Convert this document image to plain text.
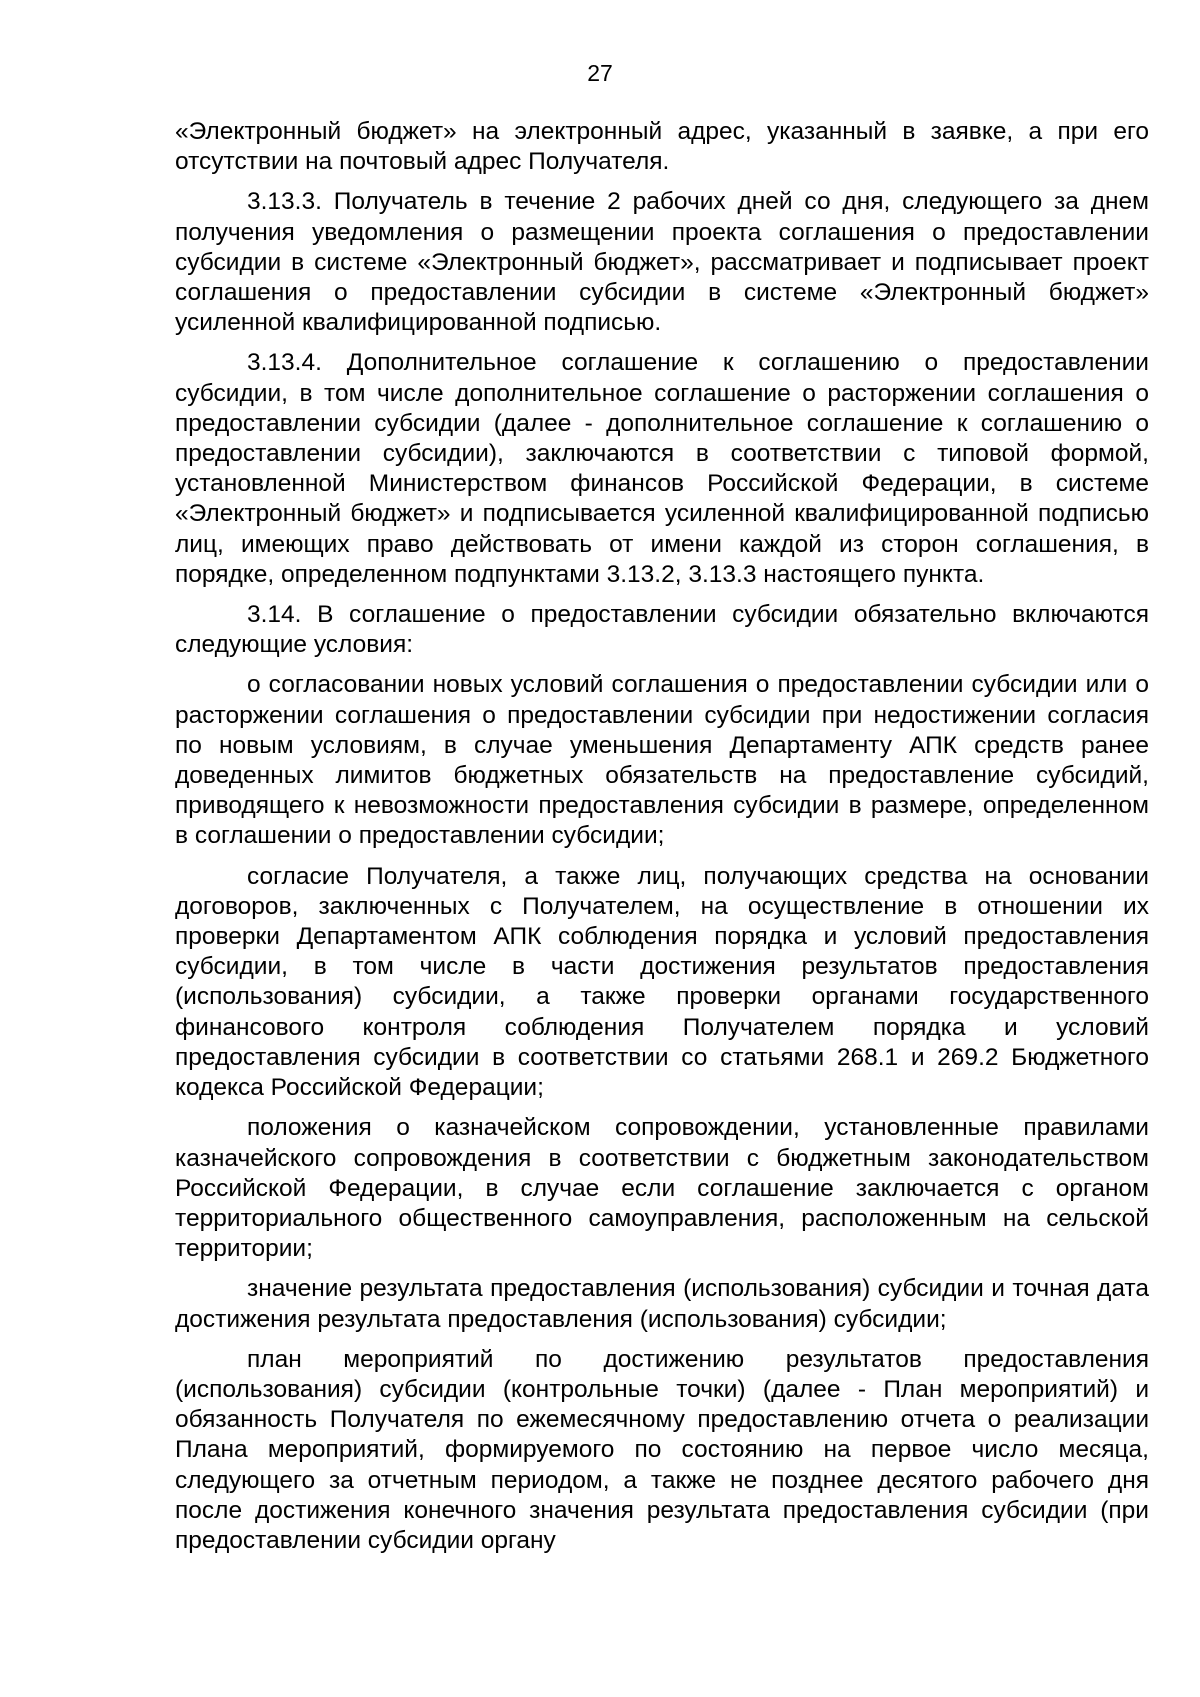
27

«Электронный бюджет» на электронный адрес, указанный в заявке, а при его отсутствии на почтовый адрес Получателя.

3.13.3. Получатель в течение 2 рабочих дней со дня, следующего за днем получения уведомления о размещении проекта соглашения о предоставлении субсидии в системе «Электронный бюджет», рассматривает и подписывает проект соглашения о предоставлении субсидии в системе «Электронный бюджет» усиленной квалифицированной подписью.

3.13.4. Дополнительное соглашение к соглашению о предоставлении субсидии, в том числе дополнительное соглашение о расторжении соглашения о предоставлении субсидии (далее - дополнительное соглашение к соглашению о предоставлении субсидии), заключаются в соответствии с типовой формой, установленной Министерством финансов Российской Федерации, в системе «Электронный бюджет» и подписывается усиленной квалифицированной подписью лиц, имеющих право действовать от имени каждой из сторон соглашения, в порядке, определенном подпунктами 3.13.2, 3.13.3 настоящего пункта.

3.14. В соглашение о предоставлении субсидии обязательно включаются следующие условия:

о согласовании новых условий соглашения о предоставлении субсидии или о расторжении соглашения о предоставлении субсидии при недостижении согласия по новым условиям, в случае уменьшения Департаменту АПК средств ранее доведенных лимитов бюджетных обязательств на предоставление субсидий, приводящего к невозможности предоставления субсидии в размере, определенном в соглашении о предоставлении субсидии;

согласие Получателя, а также лиц, получающих средства на основании договоров, заключенных с Получателем, на осуществление в отношении их проверки Департаментом АПК соблюдения порядка и условий предоставления субсидии, в том числе в части достижения результатов предоставления (использования) субсидии, а также проверки органами государственного финансового контроля соблюдения Получателем порядка и условий предоставления субсидии в соответствии со статьями 268.1 и 269.2 Бюджетного кодекса Российской Федерации;

положения о казначейском сопровождении, установленные правилами казначейского сопровождения в соответствии с бюджетным законодательством Российской Федерации, в случае если соглашение заключается с органом территориального общественного самоуправления, расположенным на сельской территории;

значение результата предоставления (использования) субсидии и точная дата достижения результата предоставления (использования) субсидии;

план мероприятий по достижению результатов предоставления (использования) субсидии (контрольные точки) (далее - План мероприятий) и обязанность Получателя по ежемесячному предоставлению отчета о реализации Плана мероприятий, формируемого по состоянию на первое число месяца, следующего за отчетным периодом, а также не позднее десятого рабочего дня после достижения конечного значения результата предоставления субсидии (при предоставлении субсидии органу
